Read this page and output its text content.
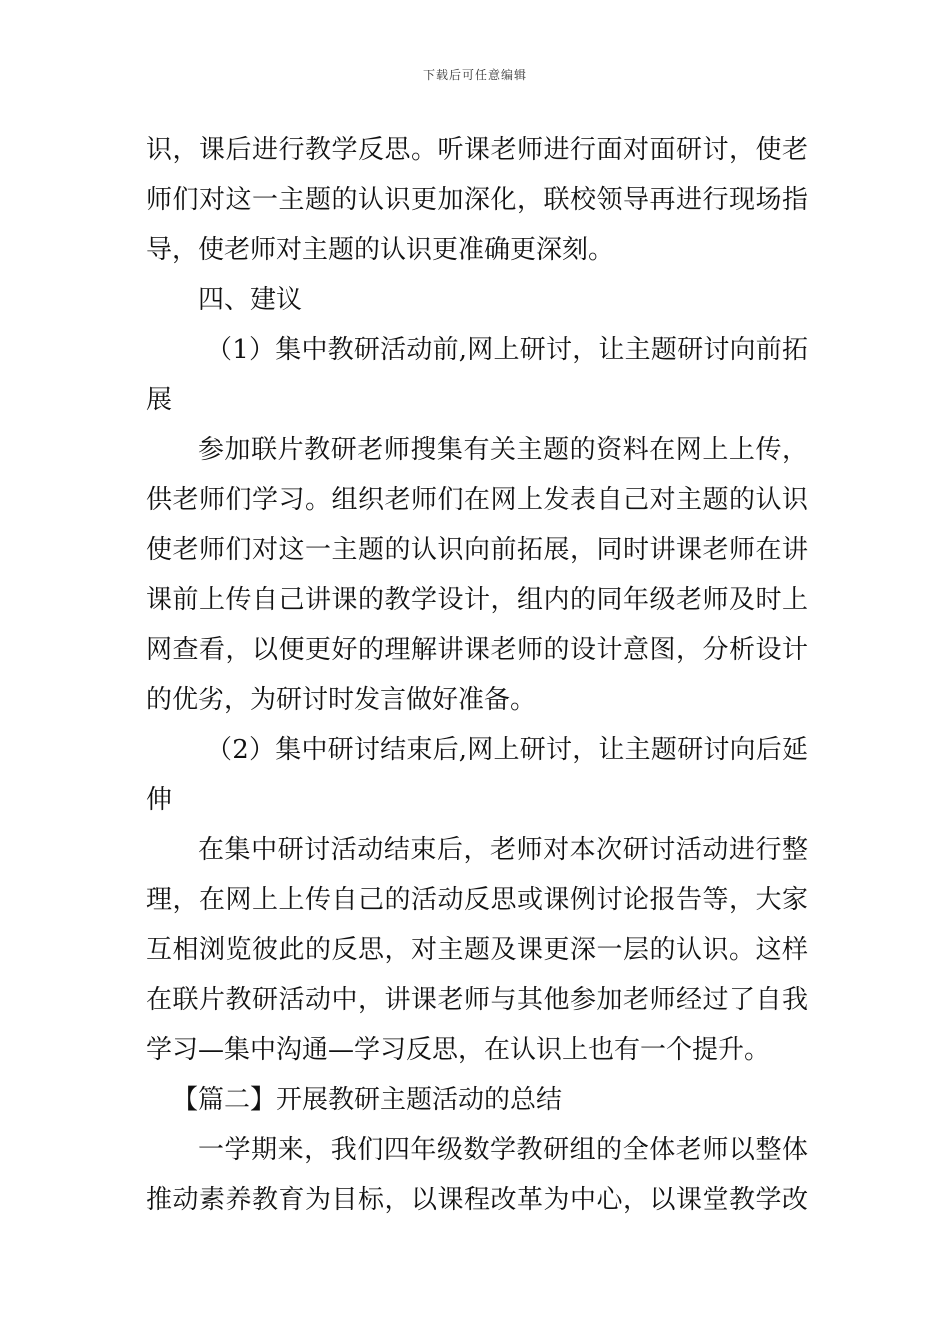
下载后可任意编辑
识，课后进行教学反思。听课老师进行面对面研讨，使老
师们对这一主题的认识更加深化，联校领导再进行现场指
导，使老师对主题的认识更准确更深刻。
四、建议
（1）集中教研活动前,网上研讨，让主题研讨向前拓
展
参加联片教研老师搜集有关主题的资料在网上上传，
供老师们学习。组织老师们在网上发表自己对主题的认识
使老师们对这一主题的认识向前拓展，同时讲课老师在讲
课前上传自己讲课的教学设计，组内的同年级老师及时上
网查看，以便更好的理解讲课老师的设计意图，分析设计
的优劣，为研讨时发言做好准备。
（2）集中研讨结束后,网上研讨，让主题研讨向后延
伸
在集中研讨活动结束后，老师对本次研讨活动进行整
理，在网上上传自己的活动反思或课例讨论报告等，大家
互相浏览彼此的反思，对主题及课更深一层的认识。这样
在联片教研活动中，讲课老师与其他参加老师经过了自我
学习—集中沟通—学习反思，在认识上也有一个提升。
【篇二】开展教研主题活动的总结
一学期来，我们四年级数学教研组的全体老师以整体
推动素养教育为目标，以课程改革为中心，以课堂教学改
